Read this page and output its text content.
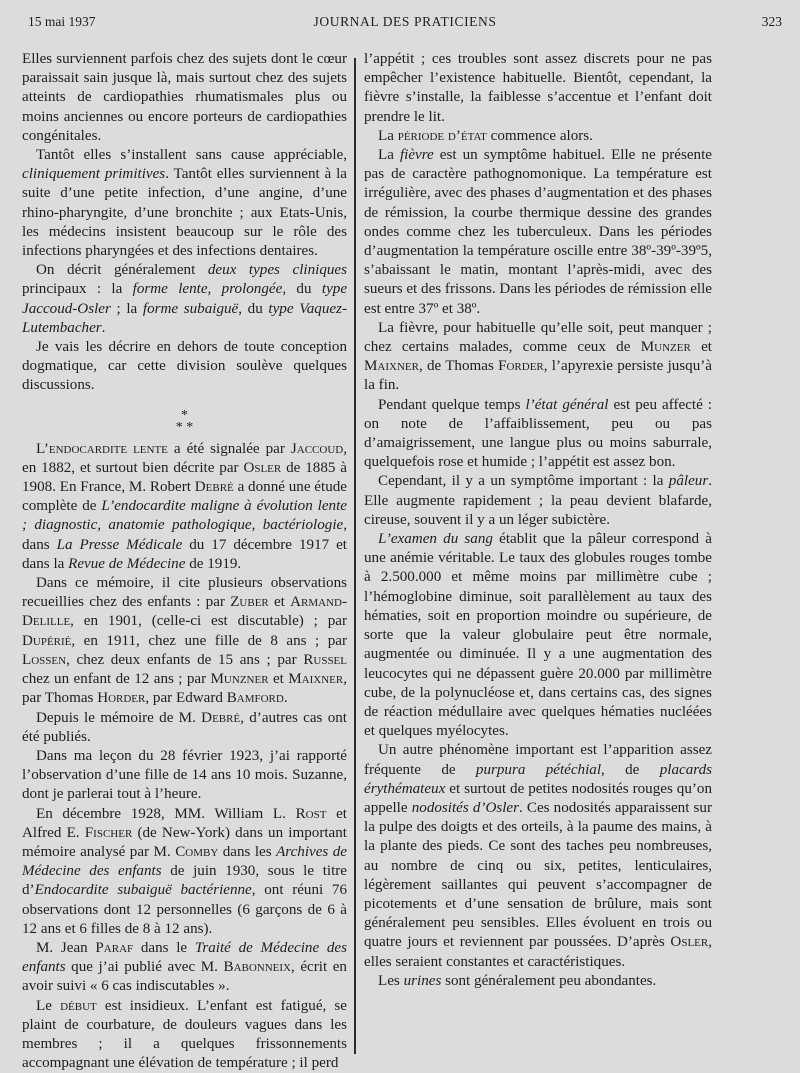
15 mai 1937	JOURNAL DES PRATICIENS	323

Elles surviennent parfois chez des sujets dont le cœur paraissait sain jusque là, mais surtout chez des sujets atteints de cardiopathies rhumatismales plus ou moins anciennes ou encore porteurs de cardiopathies congénitales.

Tantôt elles s’installent sans cause appréciable, cliniquement primitives. Tantôt elles surviennent à la suite d’une petite infection, d’une angine, d’une rhino-pharyngite, d’une bronchite ; aux Etats-Unis, les médecins insistent beaucoup sur le rôle des infections pharyngées et des infections dentaires.

On décrit généralement deux types cliniques principaux : la forme lente, prolongée, du type Jaccoud-Osler ; la forme subaiguë, du type Vaquez-Lutembacher.

Je vais les décrire en dehors de toute conception dogmatique, car cette division soulève quelques discussions.

*
* *

L’endocardite lente a été signalée par Jaccoud, en 1882, et surtout bien décrite par Osler de 1885 à 1908. En France, M. Robert Debré a donné une étude complète de L’endocardite maligne à évolution lente ; diagnostic, anatomie pathologique, bactériologie, dans La Presse Médicale du 17 décembre 1917 et dans la Revue de Médecine de 1919.

Dans ce mémoire, il cite plusieurs observations recueillies chez des enfants : par Zuber et Armand-Delille, en 1901, (celle-ci est discutable) ; par Dupérié, en 1911, chez une fille de 8 ans ; par Lossen, chez deux enfants de 15 ans ; par Russel chez un enfant de 12 ans ; par Munzner et Maixner, par Thomas Horder, par Edward Bamford.

Depuis le mémoire de M. Debré, d’autres cas ont été publiés.

Dans ma leçon du 28 février 1923, j’ai rapporté l’observation d’une fille de 14 ans 10 mois. Suzanne, dont je parlerai tout à l’heure.

En décembre 1928, MM. William L. Rost et Alfred E. Fischer (de New-York) dans un important mémoire analysé par M. Comby dans les Archives de Médecine des enfants de juin 1930, sous le titre d’Endocardite subaiguë bactérienne, ont réuni 76 observations dont 12 personnelles (6 garçons de 6 à 12 ans et 6 filles de 8 à 12 ans).

M. Jean Paraf dans le Traité de Médecine des enfants que j’ai publié avec M. Babonneix, écrit en avoir suivi « 6 cas indiscutables ».

Le début est insidieux. L’enfant est fatigué, se plaint de courbature, de douleurs vagues dans les membres ; il a quelques frissonnements accompagnant une élévation de température ; il perd

l’appétit ; ces troubles sont assez discrets pour ne pas empêcher l’existence habituelle. Bientôt, cependant, la fièvre s’installe, la faiblesse s’accentue et l’enfant doit prendre le lit.

La période d’état commence alors.

La fièvre est un symptôme habituel. Elle ne présente pas de caractère pathognomonique. La température est irrégulière, avec des phases d’augmentation et des phases de rémission, la courbe thermique dessine des grandes ondes comme chez les tuberculeux. Dans les périodes d’augmentation la température oscille entre 38º-39º-39º5, s’abaissant le matin, montant l’après-midi, avec des sueurs et des frissons. Dans les périodes de rémission elle est entre 37º et 38º.

La fièvre, pour habituelle qu’elle soit, peut manquer ; chez certains malades, comme ceux de Munzer et Maixner, de Thomas Forder, l’apyrexie persiste jusqu’à la fin.

Pendant quelque temps l’état général est peu affecté : on note de l’affaiblissement, peu ou pas d’amaigrissement, une langue plus ou moins saburrale, quelquefois rose et humide ; l’appétit est assez bon.

Cependant, il y a un symptôme important : la pâleur. Elle augmente rapidement ; la peau devient blafarde, cireuse, souvent il y a un léger subictère.

L’examen du sang établit que la pâleur correspond à une anémie véritable. Le taux des globules rouges tombe à 2.500.000 et même moins par millimètre cube ; l’hémoglobine diminue, soit parallèlement au taux des hématies, soit en proportion moindre ou supérieure, de sorte que la valeur globulaire peut être normale, augmentée ou diminuée. Il y a une augmentation des leucocytes qui ne dépassent guère 20.000 par millimètre cube, de la polynucléose et, dans certains cas, des signes de réaction médullaire avec quelques hématies nucléées et quelques myélocytes.

Un autre phénomène important est l’apparition assez fréquente de purpura pétéchial, de placards érythémateux et surtout de petites nodosités rouges qu’on appelle nodosités d’Osler. Ces nodosités apparaissent sur la pulpe des doigts et des orteils, à la paume des mains, à la plante des pieds. Ce sont des taches peu nombreuses, au nombre de cinq ou six, petites, lenticulaires, légèrement saillantes qui peuvent s’accompagner de picotements et d’une sensation de brûlure, mais sont généralement peu sensibles. Elles évoluent en trois ou quatre jours et reviennent par poussées. D’après Osler, elles seraient constantes et caractéristiques.

Les urines sont généralement peu abondantes.
